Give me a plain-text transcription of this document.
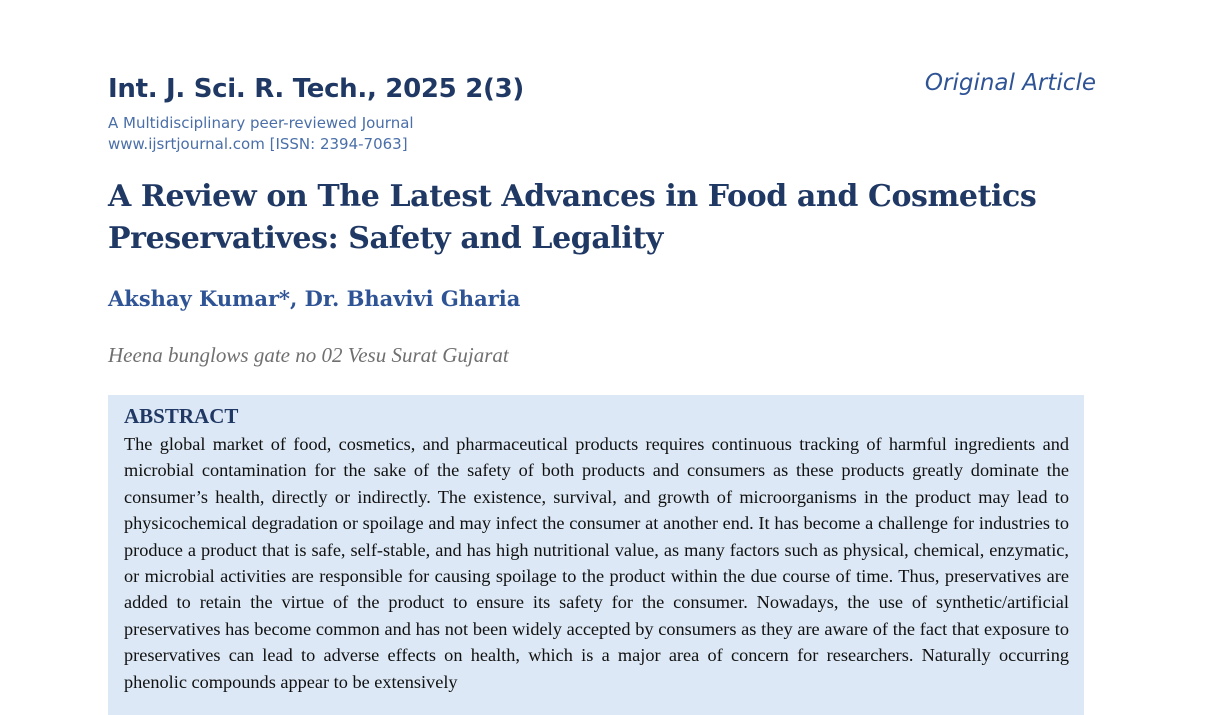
Int. J. Sci. R. Tech., 2025 2(3)	Original Article
A Multidisciplinary peer-reviewed Journal
www.ijsrtjournal.com [ISSN: 2394-7063]
A Review on The Latest Advances in Food and Cosmetics Preservatives: Safety and Legality
Akshay Kumar*, Dr. Bhavivi Gharia
Heena bunglows gate no 02 Vesu Surat Gujarat
ABSTRACT

The global market of food, cosmetics, and pharmaceutical products requires continuous tracking of harmful ingredients and microbial contamination for the sake of the safety of both products and consumers as these products greatly dominate the consumer’s health, directly or indirectly. The existence, survival, and growth of microorganisms in the product may lead to physicochemical degradation or spoilage and may infect the consumer at another end. It has become a challenge for industries to produce a product that is safe, self-stable, and has high nutritional value, as many factors such as physical, chemical, enzymatic, or microbial activities are responsible for causing spoilage to the product within the due course of time. Thus, preservatives are added to retain the virtue of the product to ensure its safety for the consumer. Nowadays, the use of synthetic/artificial preservatives has become common and has not been widely accepted by consumers as they are aware of the fact that exposure to preservatives can lead to adverse effects on health, which is a major area of concern for researchers. Naturally occurring phenolic compounds appear to be extensively
